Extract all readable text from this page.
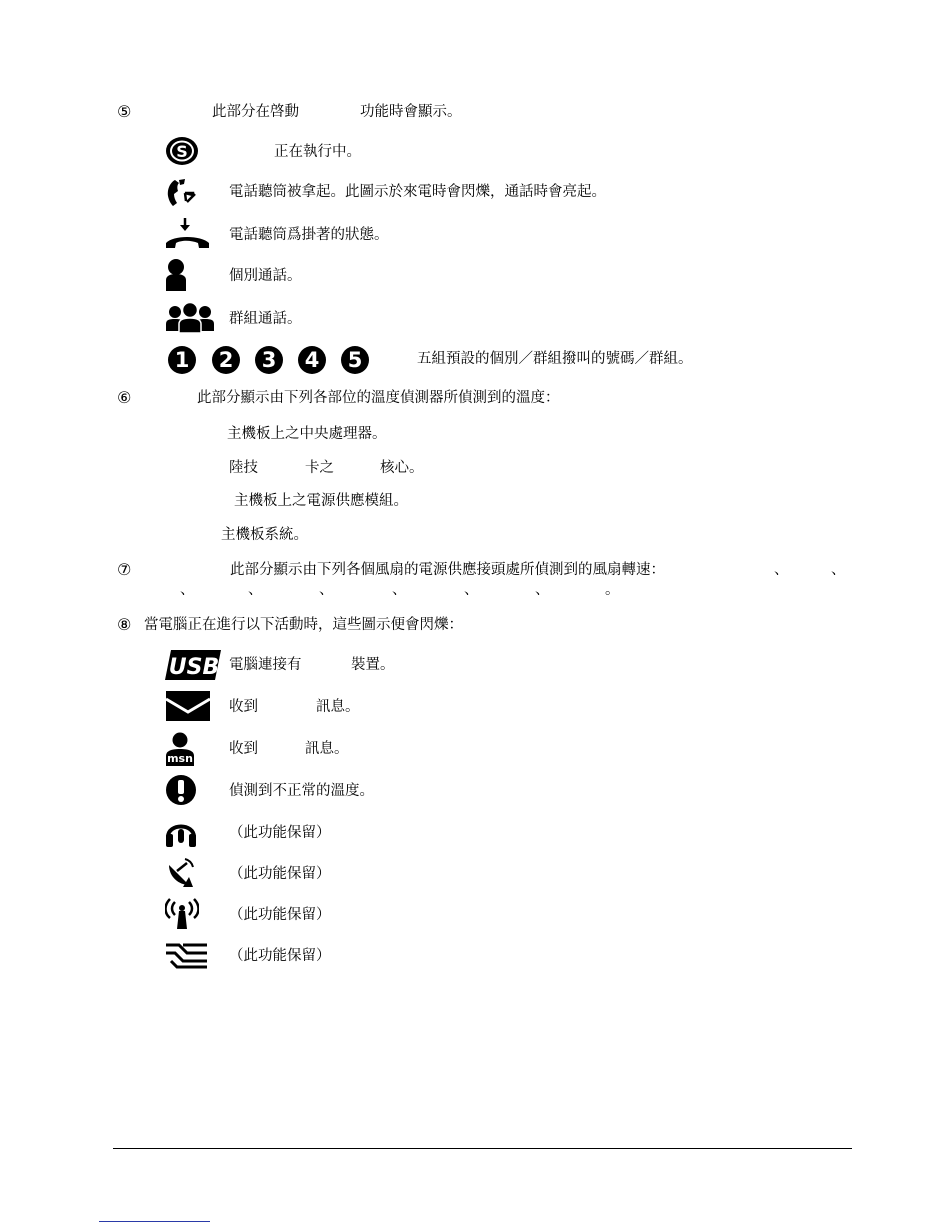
⑤	此部分在啓動	功能時會顯示。
S	正在執行中。
電話聽筒被拿起。此圖示於來電時會閃爍，通話時會亮起。
電話聽筒爲掛著的狀態。
個別通話。
群組通話。
1 2 3 4 5	五組預設的個別／群組撥叫的號碼／群組。
⑥	此部分顯示由下列各部位的溫度偵測器所偵測到的溫度：
主機板上之中央處理器。
陸技	卡之	核心。
主機板上之電源供應模組。
主機板系統。
⑦	此部分顯示由下列各個風扇的電源供應接頭處所偵測到的風扇轉速：	、	、
、	、	、	、	、	、	。
⑧ 當電腦正在進行以下活動時，這些圖示便會閃爍：
USB 電腦連接有	裝置。
收到	訊息。
msn
收到	訊息。
偵測到不正常的溫度。
（此功能保留）
（此功能保留）
（此功能保留）
（此功能保留）
